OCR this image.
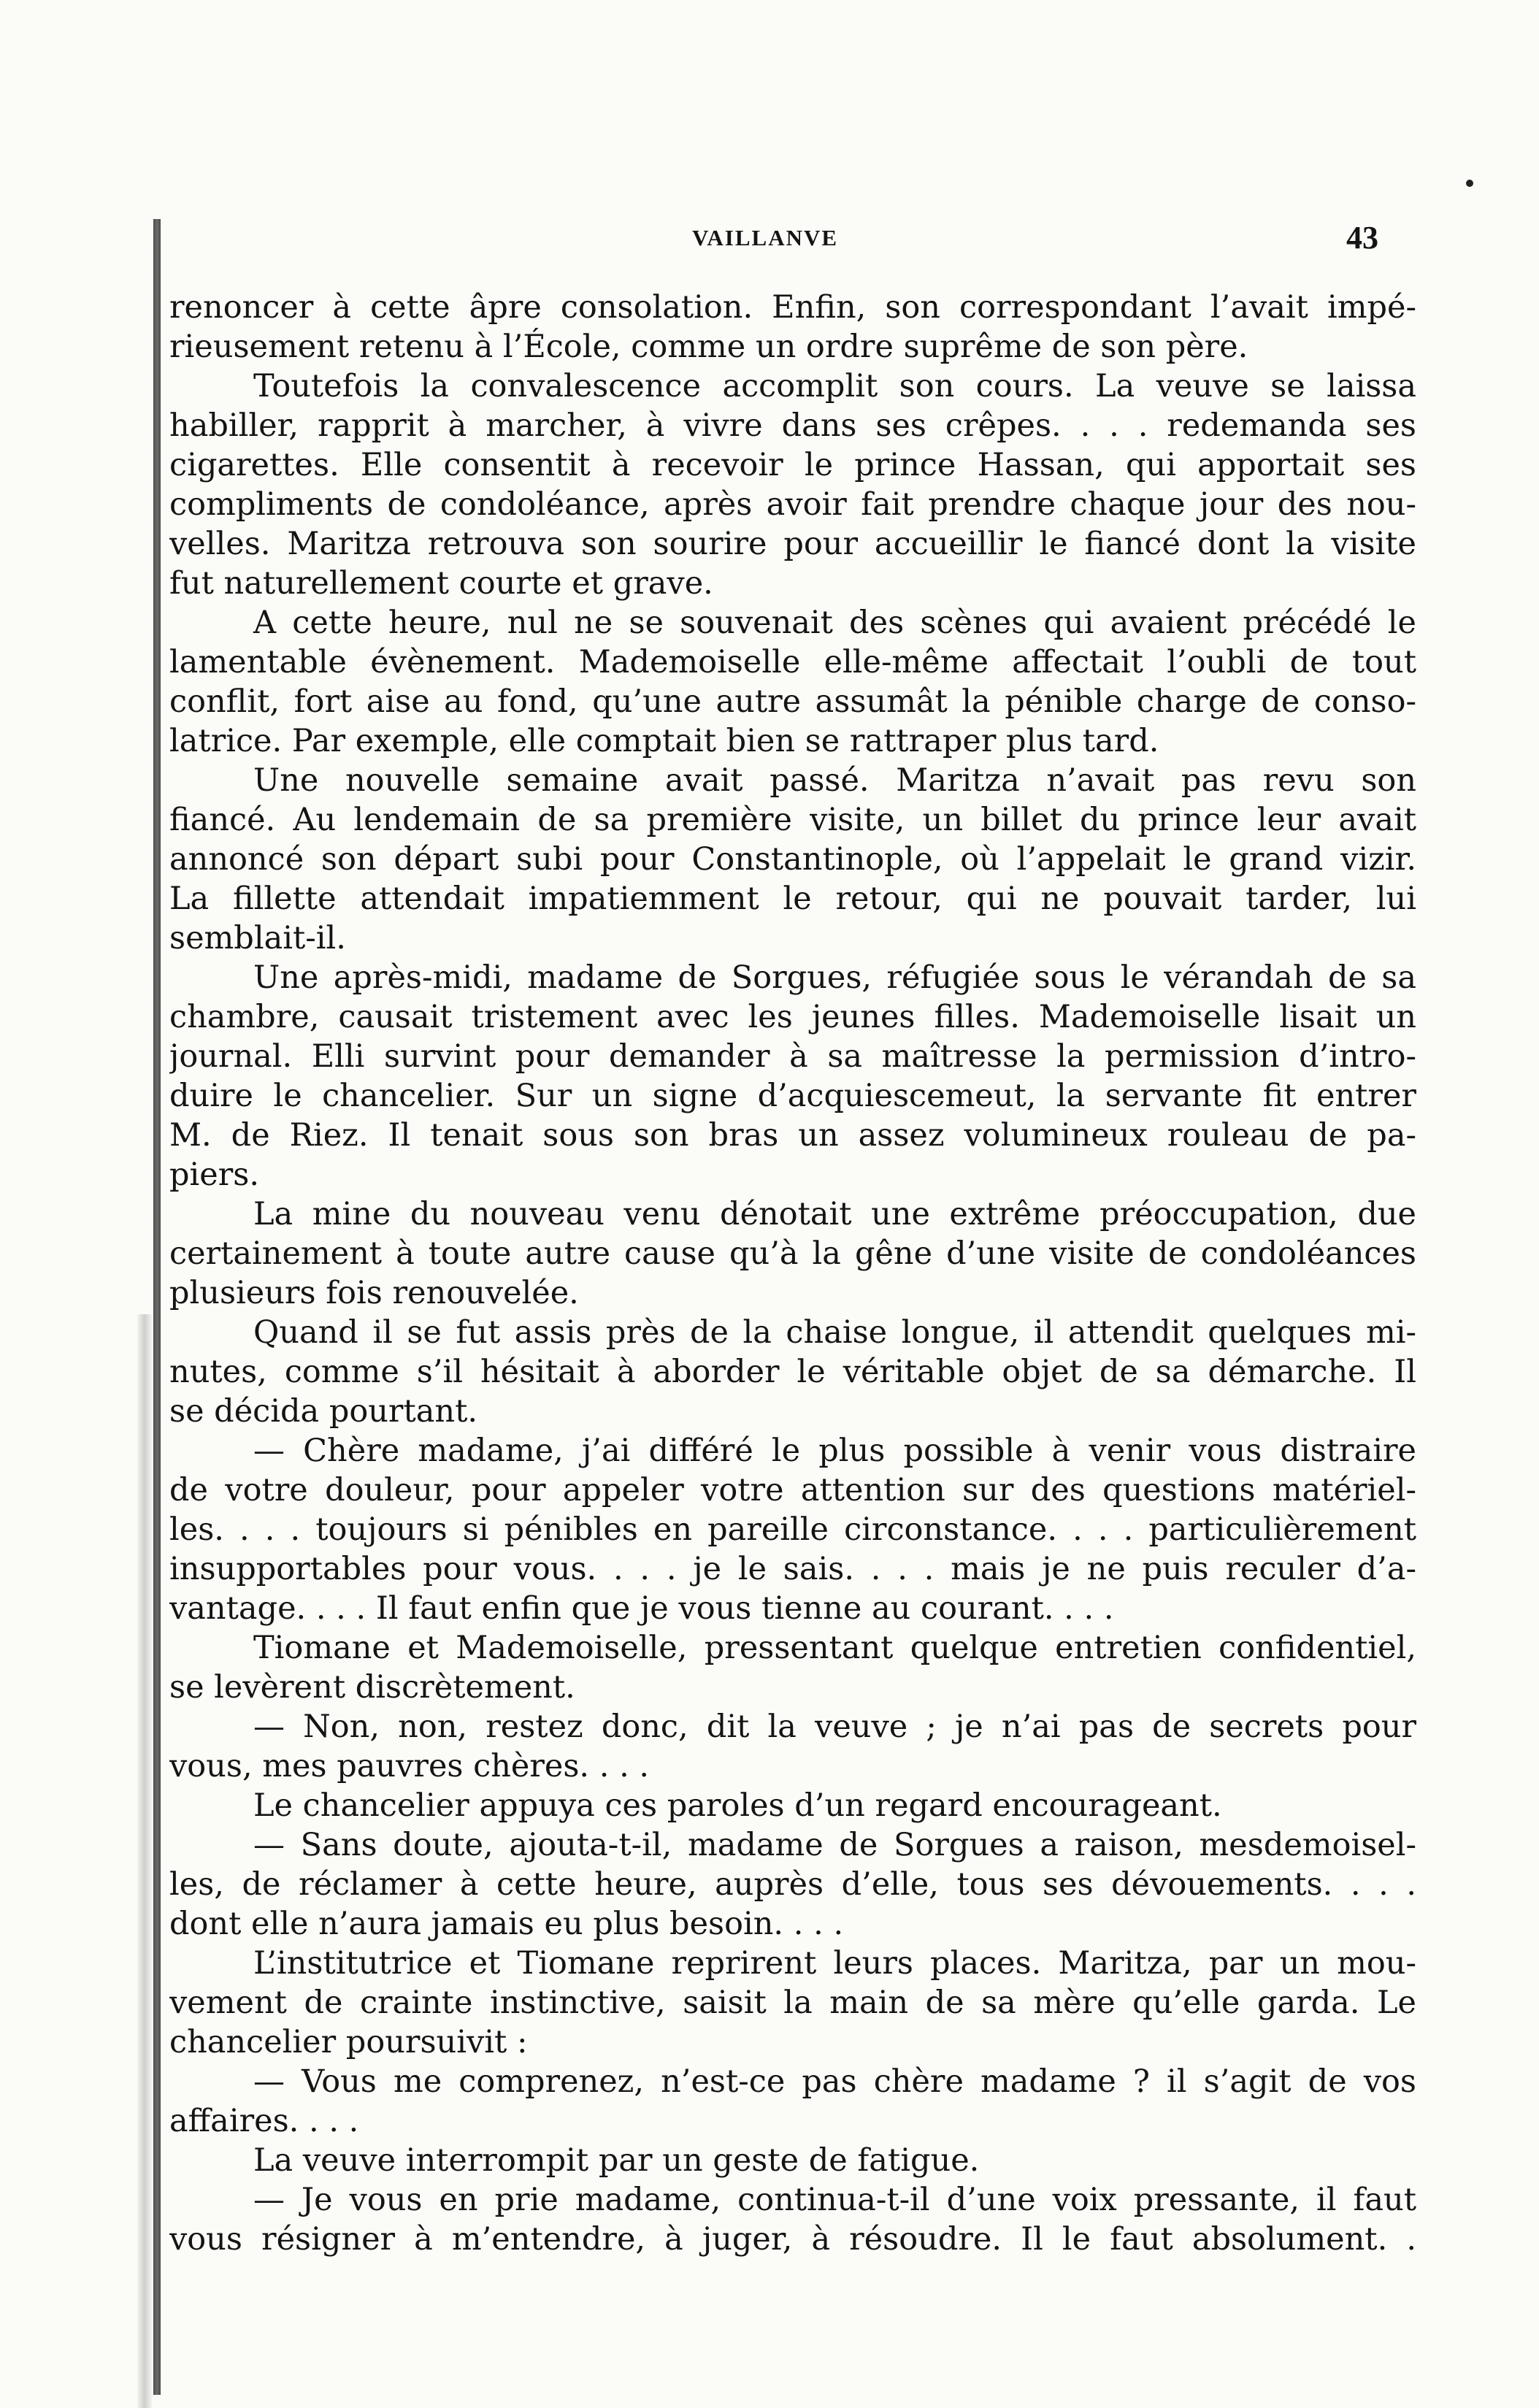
VAILLANVE	43
renoncer à cette âpre consolation. Enfin, son correspondant l’avait impé-
rieusement retenu à l’École, comme un ordre suprême de son père.
Toutefois la convalescence accomplit son cours. La veuve se laissa
habiller, rapprit à marcher, à vivre dans ses crêpes. . . . redemanda ses
cigarettes. Elle consentit à recevoir le prince Hassan, qui apportait ses
compliments de condoléance, après avoir fait prendre chaque jour des nou-
velles. Maritza retrouva son sourire pour accueillir le fiancé dont la visite
fut naturellement courte et grave.
A cette heure, nul ne se souvenait des scènes qui avaient précédé le
lamentable évènement. Mademoiselle elle-même affectait l’oubli de tout
conflit, fort aise au fond, qu’une autre assumât la pénible charge de conso-
latrice. Par exemple, elle comptait bien se rattraper plus tard.
Une nouvelle semaine avait passé. Maritza n’avait pas revu son
fiancé. Au lendemain de sa première visite, un billet du prince leur avait
annoncé son départ subi pour Constantinople, où l’appelait le grand vizir.
La fillette attendait impatiemment le retour, qui ne pouvait tarder, lui
semblait-il.
Une après-midi, madame de Sorgues, réfugiée sous le vérandah de sa
chambre, causait tristement avec les jeunes filles. Mademoiselle lisait un
journal. Elli survint pour demander à sa maîtresse la permission d’intro-
duire le chancelier. Sur un signe d’acquiescemeut, la servante fit entrer
M. de Riez. Il tenait sous son bras un assez volumineux rouleau de pa-
piers.
La mine du nouveau venu dénotait une extrême préoccupation, due
certainement à toute autre cause qu’à la gêne d’une visite de condoléances
plusieurs fois renouvelée.
Quand il se fut assis près de la chaise longue, il attendit quelques mi-
nutes, comme s’il hésitait à aborder le véritable objet de sa démarche. Il
se décida pourtant.
— Chère madame, j’ai différé le plus possible à venir vous distraire
de votre douleur, pour appeler votre attention sur des questions matériel-
les. . . . toujours si pénibles en pareille circonstance. . . . particulièrement
insupportables pour vous. . . . je le sais. . . . mais je ne puis reculer d’a-
vantage. . . . Il faut enfin que je vous tienne au courant. . . .
Tiomane et Mademoiselle, pressentant quelque entretien confidentiel,
se levèrent discrètement.
— Non, non, restez donc, dit la veuve ; je n’ai pas de secrets pour
vous, mes pauvres chères. . . .
Le chancelier appuya ces paroles d’un regard encourageant.
— Sans doute, ajouta-t-il, madame de Sorgues a raison, mesdemoisel-
les, de réclamer à cette heure, auprès d’elle, tous ses dévouements. . . .
dont elle n’aura jamais eu plus besoin. . . .
L’institutrice et Tiomane reprirent leurs places. Maritza, par un mou-
vement de crainte instinctive, saisit la main de sa mère qu’elle garda. Le
chancelier poursuivit :
— Vous me comprenez, n’est-ce pas chère madame ? il s’agit de vos
affaires. . . .
La veuve interrompit par un geste de fatigue.
— Je vous en prie madame, continua-t-il d’une voix pressante, il faut
vous résigner à m’entendre, à juger, à résoudre. Il le faut absolument. .
